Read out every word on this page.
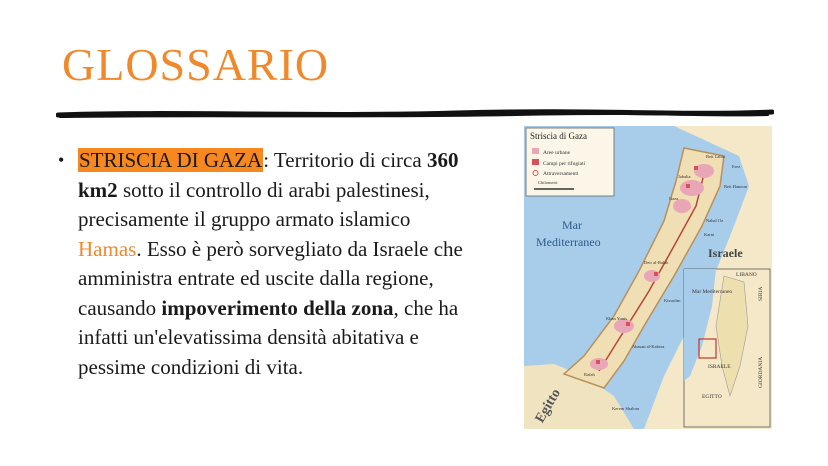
GLOSSARIO
• STRISCIA DI GAZA: Territorio di circa 360 km2 sotto il controllo di arabi palestinesi, precisamente il gruppo armato islamico Hamas. Esso è però sorvegliato da Israele che amministra entrate ed uscite dalla regione, causando impoverimento della zona, che ha infatti un'elevatissima densità abitativa e pessime condizioni di vita.
Striscia di Gaza
Aree urbane
Campi per rifugiati
Attraversamenti
Chilometri
Mar
Mediterraneo
Israele
Egitto
Beit Lahia
Erez
Jabalia
Beit Hanoun
Gaza
Nahal Oz
Karni
Deir al-Balah
Kissufim
Khan Yunis
Abasan al-Kabera
Rafah
Kerem Shalom
LIBANO
SIRIA
Mar Mediterraneo
ISRAELE
EGITTO
GIORDANIA
